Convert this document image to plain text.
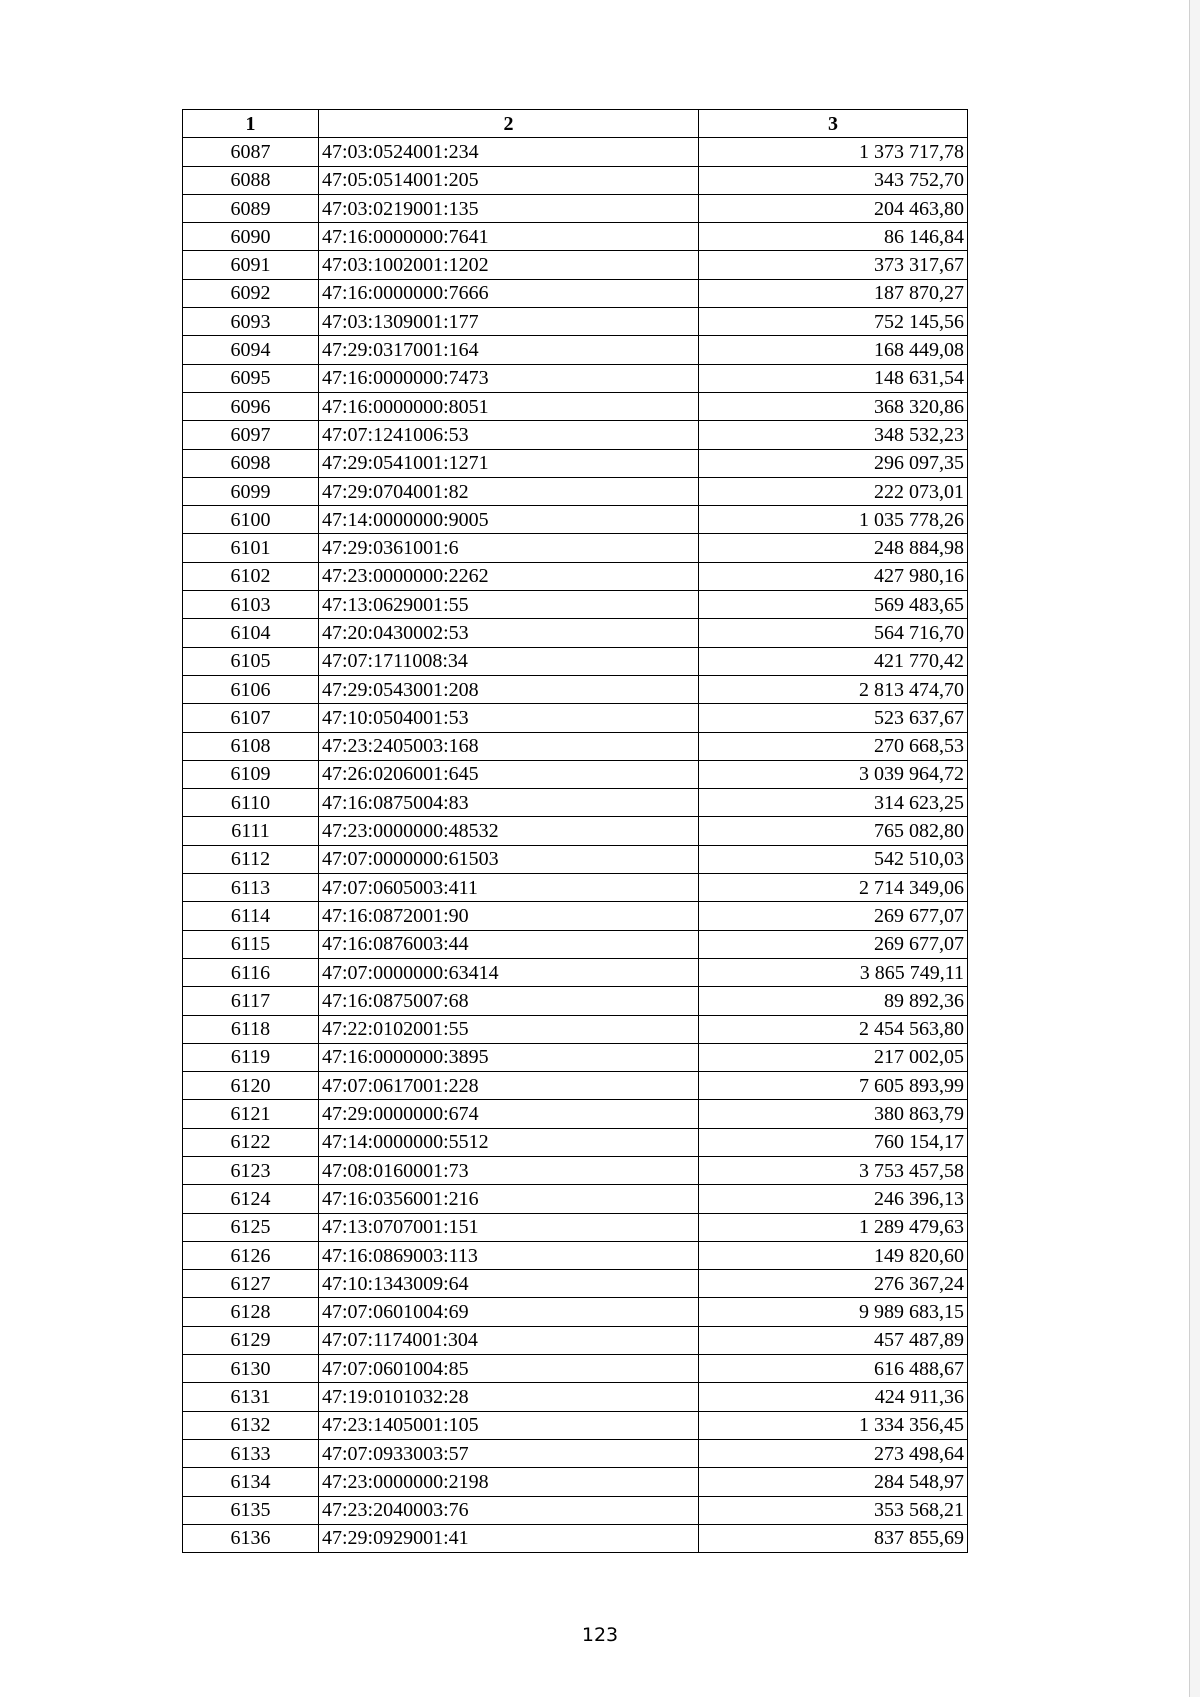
1	2	3
6087	47:03:0524001:234	1 373 717,78
6088	47:05:0514001:205	343 752,70
6089	47:03:0219001:135	204 463,80
6090	47:16:0000000:7641	86 146,84
6091	47:03:1002001:1202	373 317,67
6092	47:16:0000000:7666	187 870,27
6093	47:03:1309001:177	752 145,56
6094	47:29:0317001:164	168 449,08
6095	47:16:0000000:7473	148 631,54
6096	47:16:0000000:8051	368 320,86
6097	47:07:1241006:53	348 532,23
6098	47:29:0541001:1271	296 097,35
6099	47:29:0704001:82	222 073,01
6100	47:14:0000000:9005	1 035 778,26
6101	47:29:0361001:6	248 884,98
6102	47:23:0000000:2262	427 980,16
6103	47:13:0629001:55	569 483,65
6104	47:20:0430002:53	564 716,70
6105	47:07:1711008:34	421 770,42
6106	47:29:0543001:208	2 813 474,70
6107	47:10:0504001:53	523 637,67
6108	47:23:2405003:168	270 668,53
6109	47:26:0206001:645	3 039 964,72
6110	47:16:0875004:83	314 623,25
6111	47:23:0000000:48532	765 082,80
6112	47:07:0000000:61503	542 510,03
6113	47:07:0605003:411	2 714 349,06
6114	47:16:0872001:90	269 677,07
6115	47:16:0876003:44	269 677,07
6116	47:07:0000000:63414	3 865 749,11
6117	47:16:0875007:68	89 892,36
6118	47:22:0102001:55	2 454 563,80
6119	47:16:0000000:3895	217 002,05
6120	47:07:0617001:228	7 605 893,99
6121	47:29:0000000:674	380 863,79
6122	47:14:0000000:5512	760 154,17
6123	47:08:0160001:73	3 753 457,58
6124	47:16:0356001:216	246 396,13
6125	47:13:0707001:151	1 289 479,63
6126	47:16:0869003:113	149 820,60
6127	47:10:1343009:64	276 367,24
6128	47:07:0601004:69	9 989 683,15
6129	47:07:1174001:304	457 487,89
6130	47:07:0601004:85	616 488,67
6131	47:19:0101032:28	424 911,36
6132	47:23:1405001:105	1 334 356,45
6133	47:07:0933003:57	273 498,64
6134	47:23:0000000:2198	284 548,97
6135	47:23:2040003:76	353 568,21
6136	47:29:0929001:41	837 855,69
123
